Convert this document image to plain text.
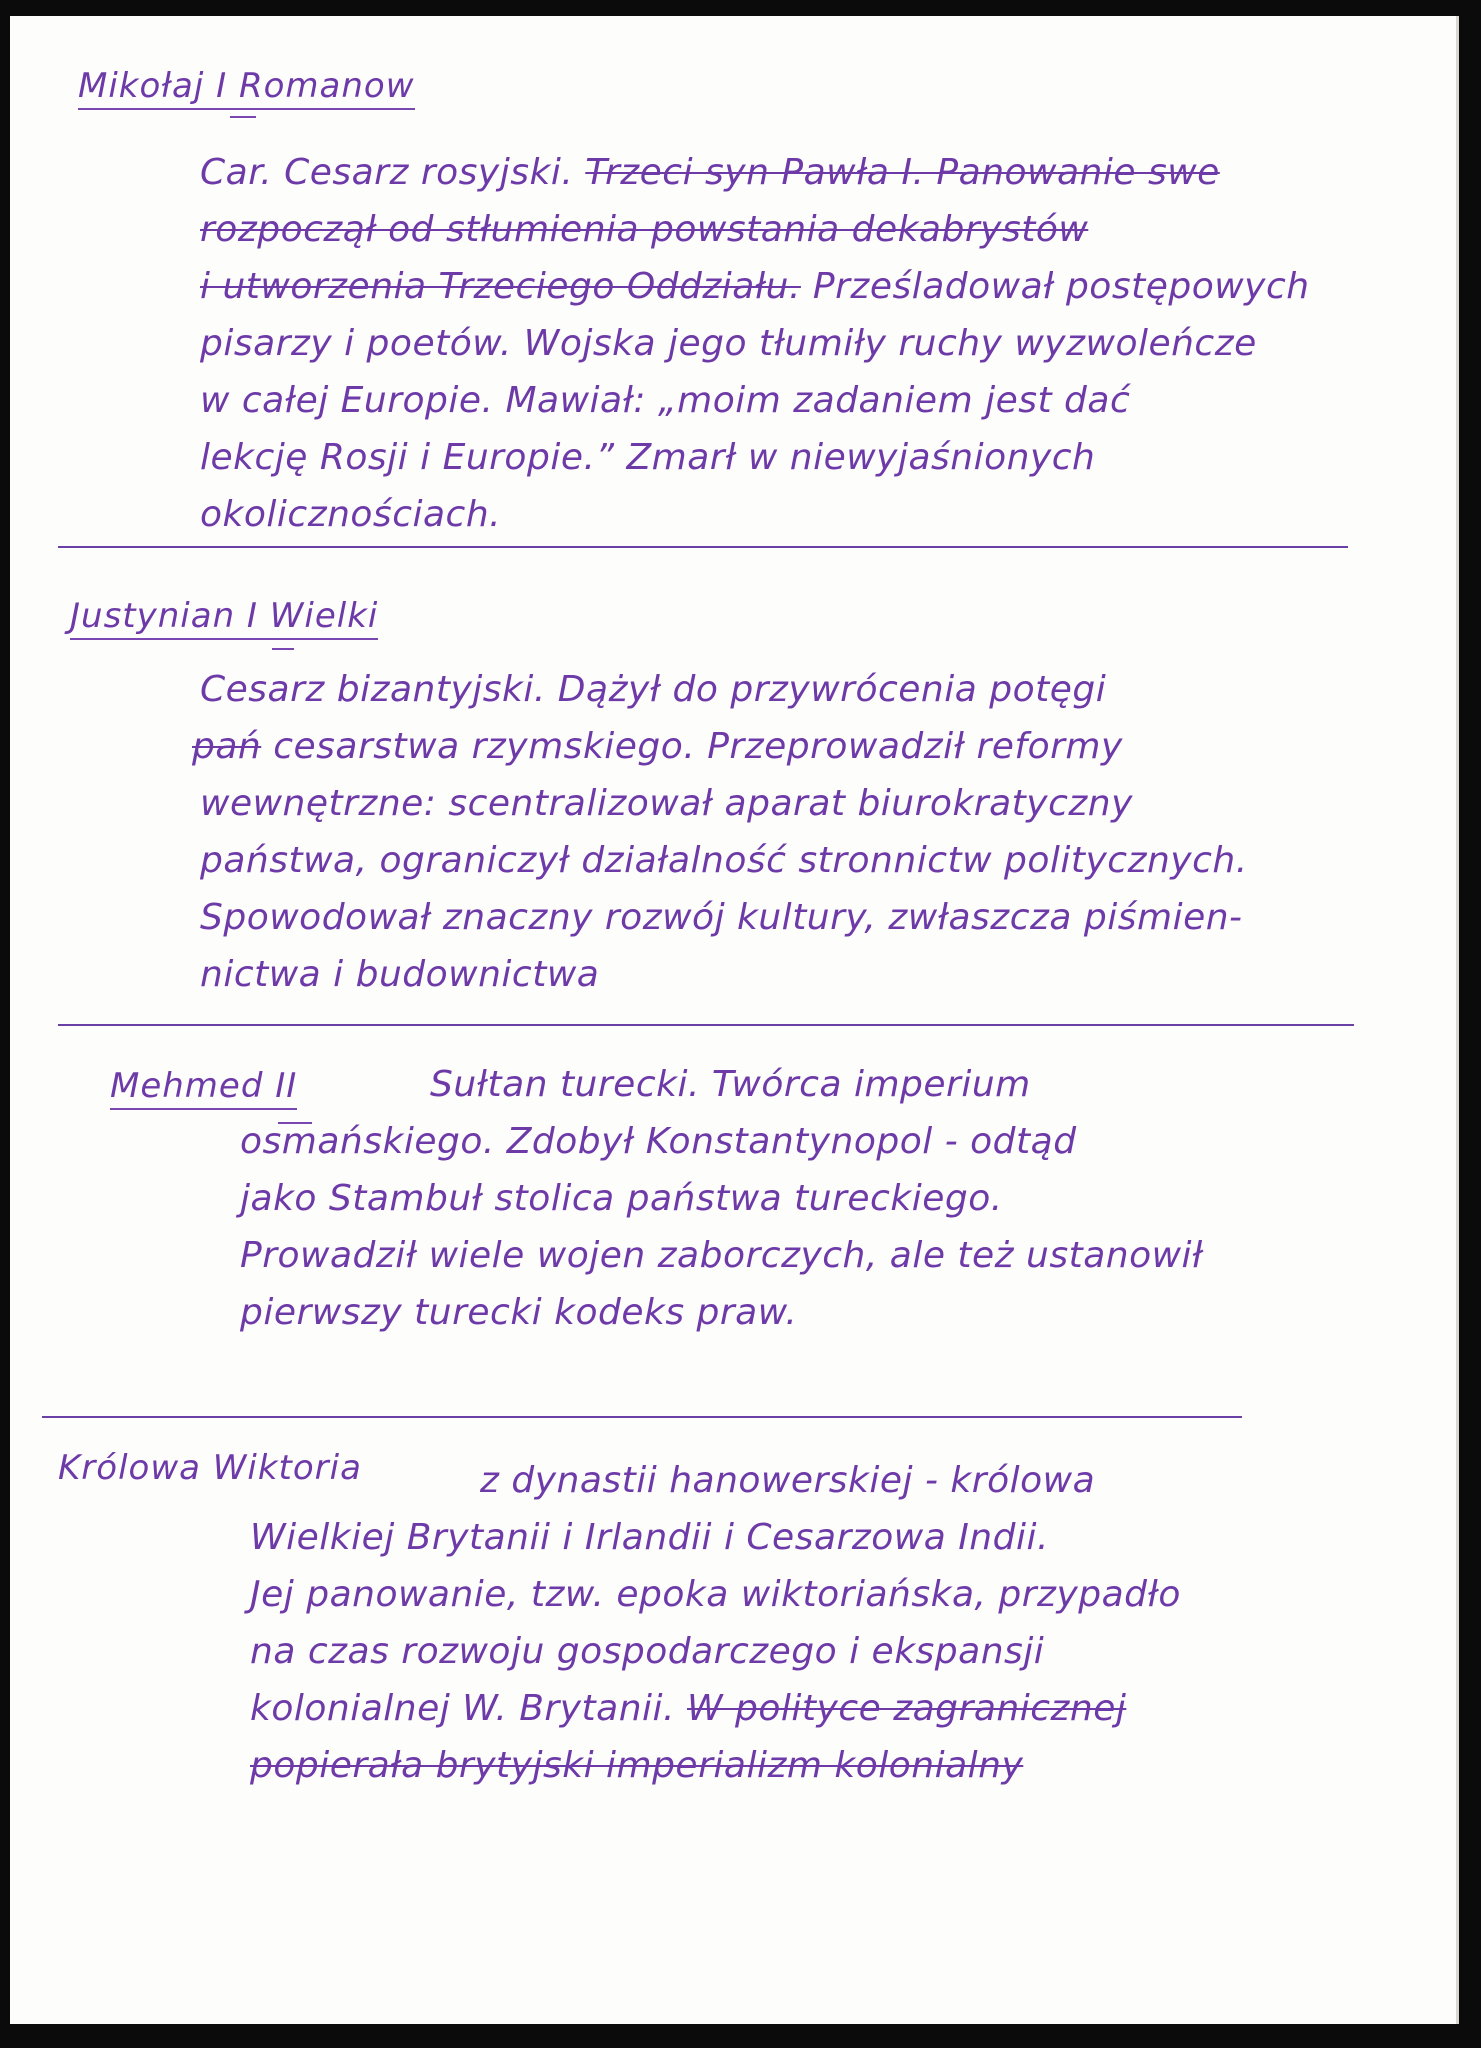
Mikołaj I Romanow
Car. Cesarz rosyjski. Trzeci syn Pawła I. Panowanie swe
rozpoczął od stłumienia powstania dekabrystów
i utworzenia Trzeciego Oddziału. Prześladował postępowych
pisarzy i poetów. Wojska jego tłumiły ruchy wyzwoleńcze
w całej Europie. Mawiał: „moim zadaniem jest dać
lekcję Rosji i Europie.” Zmarł w niewyjaśnionych
okolicznościach.
Justynian I Wielki
Cesarz bizantyjski. Dążył do przywrócenia potęgi
pań cesarstwa rzymskiego. Przeprowadził reformy
wewnętrzne: scentralizował aparat biurokratyczny
państwa, ograniczył działalność stronnictw politycznych.
Spowodował znaczny rozwój kultury, zwłaszcza piśmien-
nictwa i budownictwa
Mehmed II	Sułtan turecki. Twórca imperium
osmańskiego. Zdobył Konstantynopol - odtąd
jako Stambuł stolica państwa tureckiego.
Prowadził wiele wojen zaborczych, ale też ustanowił
pierwszy turecki kodeks praw.
Królowa Wiktoria	z dynastii hanowerskiej - królowa
Wielkiej Brytanii i Irlandii i Cesarzowa Indii.
Jej panowanie, tzw. epoka wiktoriańska, przypadło
na czas rozwoju gospodarczego i ekspansji
kolonialnej W. Brytanii. W polityce zagranicznej
popierała brytyjski imperializm kolonialny
